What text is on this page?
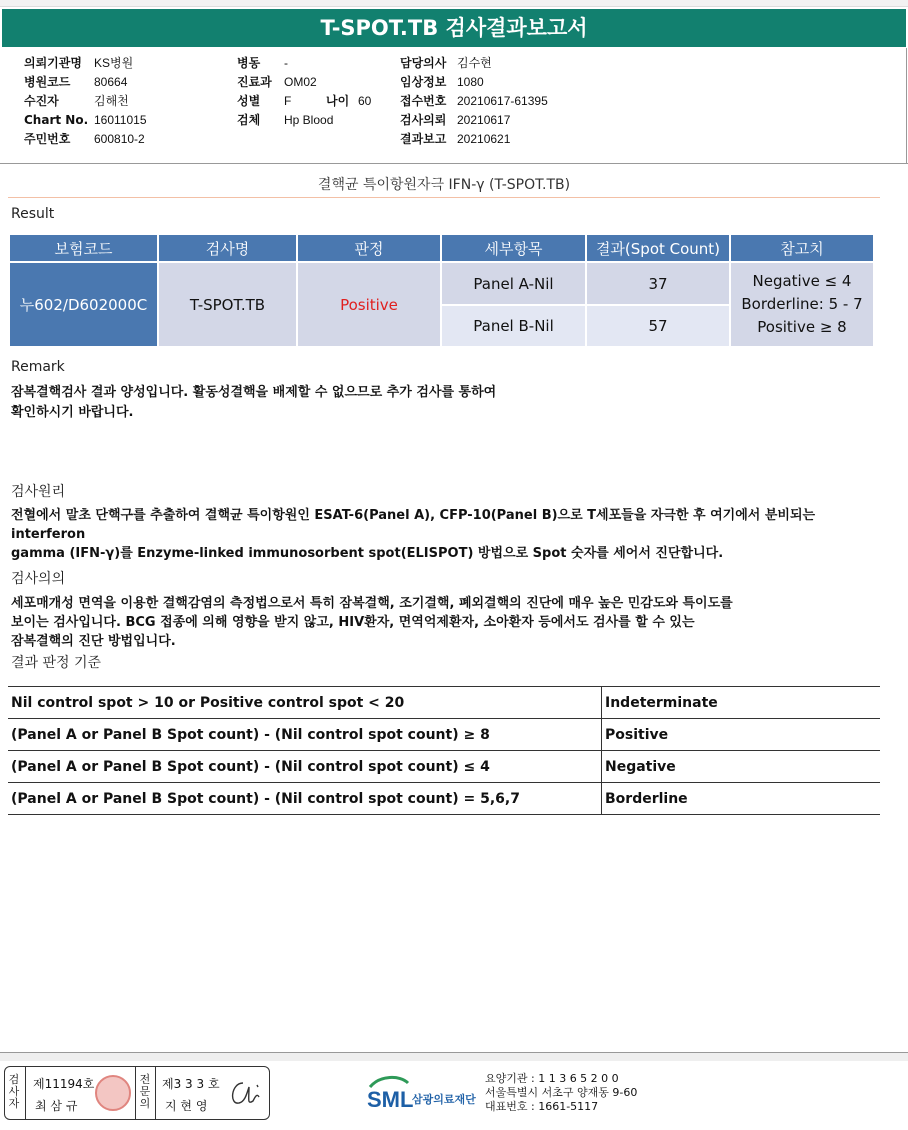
T-SPOT.TB 검사결과보고서
의뢰기관명 KS병원
병원코드 80664
수진자	김해천
Chart No. 16011015
주민번호 600810-2
병동 -
진료과 OM02
성별 F	나이 60
검체 Hp Blood
담당의사 김수현
임상정보 1080
접수번호 20210617-61395
검사의뢰 20210617
결과보고 20210621
결핵균 특이항원자극 IFN-γ (T-SPOT.TB)
Result
보험코드	검사명	판정	세부항목	결과(Spot Count)	참고치
누602/D602000C	T-SPOT.TB	Positive	Panel A-Nil	37	Negative ≤ 4
Borderline: 5 - 7
Positive ≥ 8

			Panel B-Nil	57	
Remark
잠복결핵검사 결과 양성입니다. 활동성결핵을 배제할 수 없으므로 추가 검사를 통하여
확인하시기 바랍니다.
검사원리
전혈에서 말초 단핵구를 추출하여 결핵균 특이항원인 ESAT-6(Panel A), CFP-10(Panel B)으로 T세포들을 자극한 후 여기에서 분비되는 interferon
gamma (IFN-γ)를 Enzyme-linked immunosorbent spot(ELISPOT) 방법으로 Spot 숫자를 세어서 진단합니다.
검사의의
세포매개성 면역을 이용한 결핵감염의 측정법으로서 특히 잠복결핵, 조기결핵, 폐외결핵의 진단에 매우 높은 민감도와 특이도를
보이는 검사입니다. BCG 접종에 의해 영향을 받지 않고, HIV환자, 면역억제환자, 소아환자 등에서도 검사를 할 수 있는
잠복결핵의 진단 방법입니다.
결과 판정 기준
Nil control spot > 10 or Positive control spot < 20	Indeterminate
(Panel A or Panel B Spot count) - (Nil control spot count) ≥ 8	Positive
(Panel A or Panel B Spot count) - (Nil control spot count) ≤ 4	Negative
(Panel A or Panel B Spot count) - (Nil control spot count) = 5,6,7	Borderline
검
사
자
제11194호
최 삼 규
전
문
의
제3 3 3 호
지 현 영	SML
삼광의료재단
요양기관 : 1 1 3 6 5 2 0 0
서울특별시 서초구 양재동 9-60
대표번호 : 1661-5117
